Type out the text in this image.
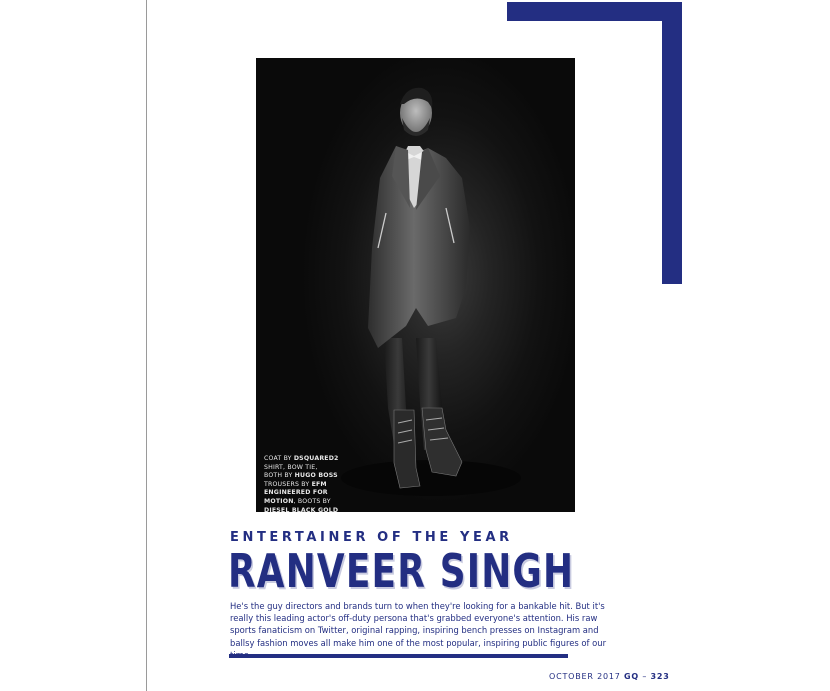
COAT BY DSQUARED2
SHIRT, BOW TIE,
BOTH BY HUGO BOSS
TROUSERS BY EFM
ENGINEERED FOR
MOTION, BOOTS BY
DIESEL BLACK GOLD
ENTERTAINER OF THE YEAR
RANVEER SINGH
He's the guy directors and brands turn to when they're looking for a bankable hit. But it's really this leading actor's off-duty persona that's grabbed everyone's attention. His raw sports fanaticism on Twitter, original rapping, inspiring bench presses on Instagram and ballsy fashion moves all make him one of the most popular, inspiring public figures of our
OCTOBER 2017 GQ – 323
